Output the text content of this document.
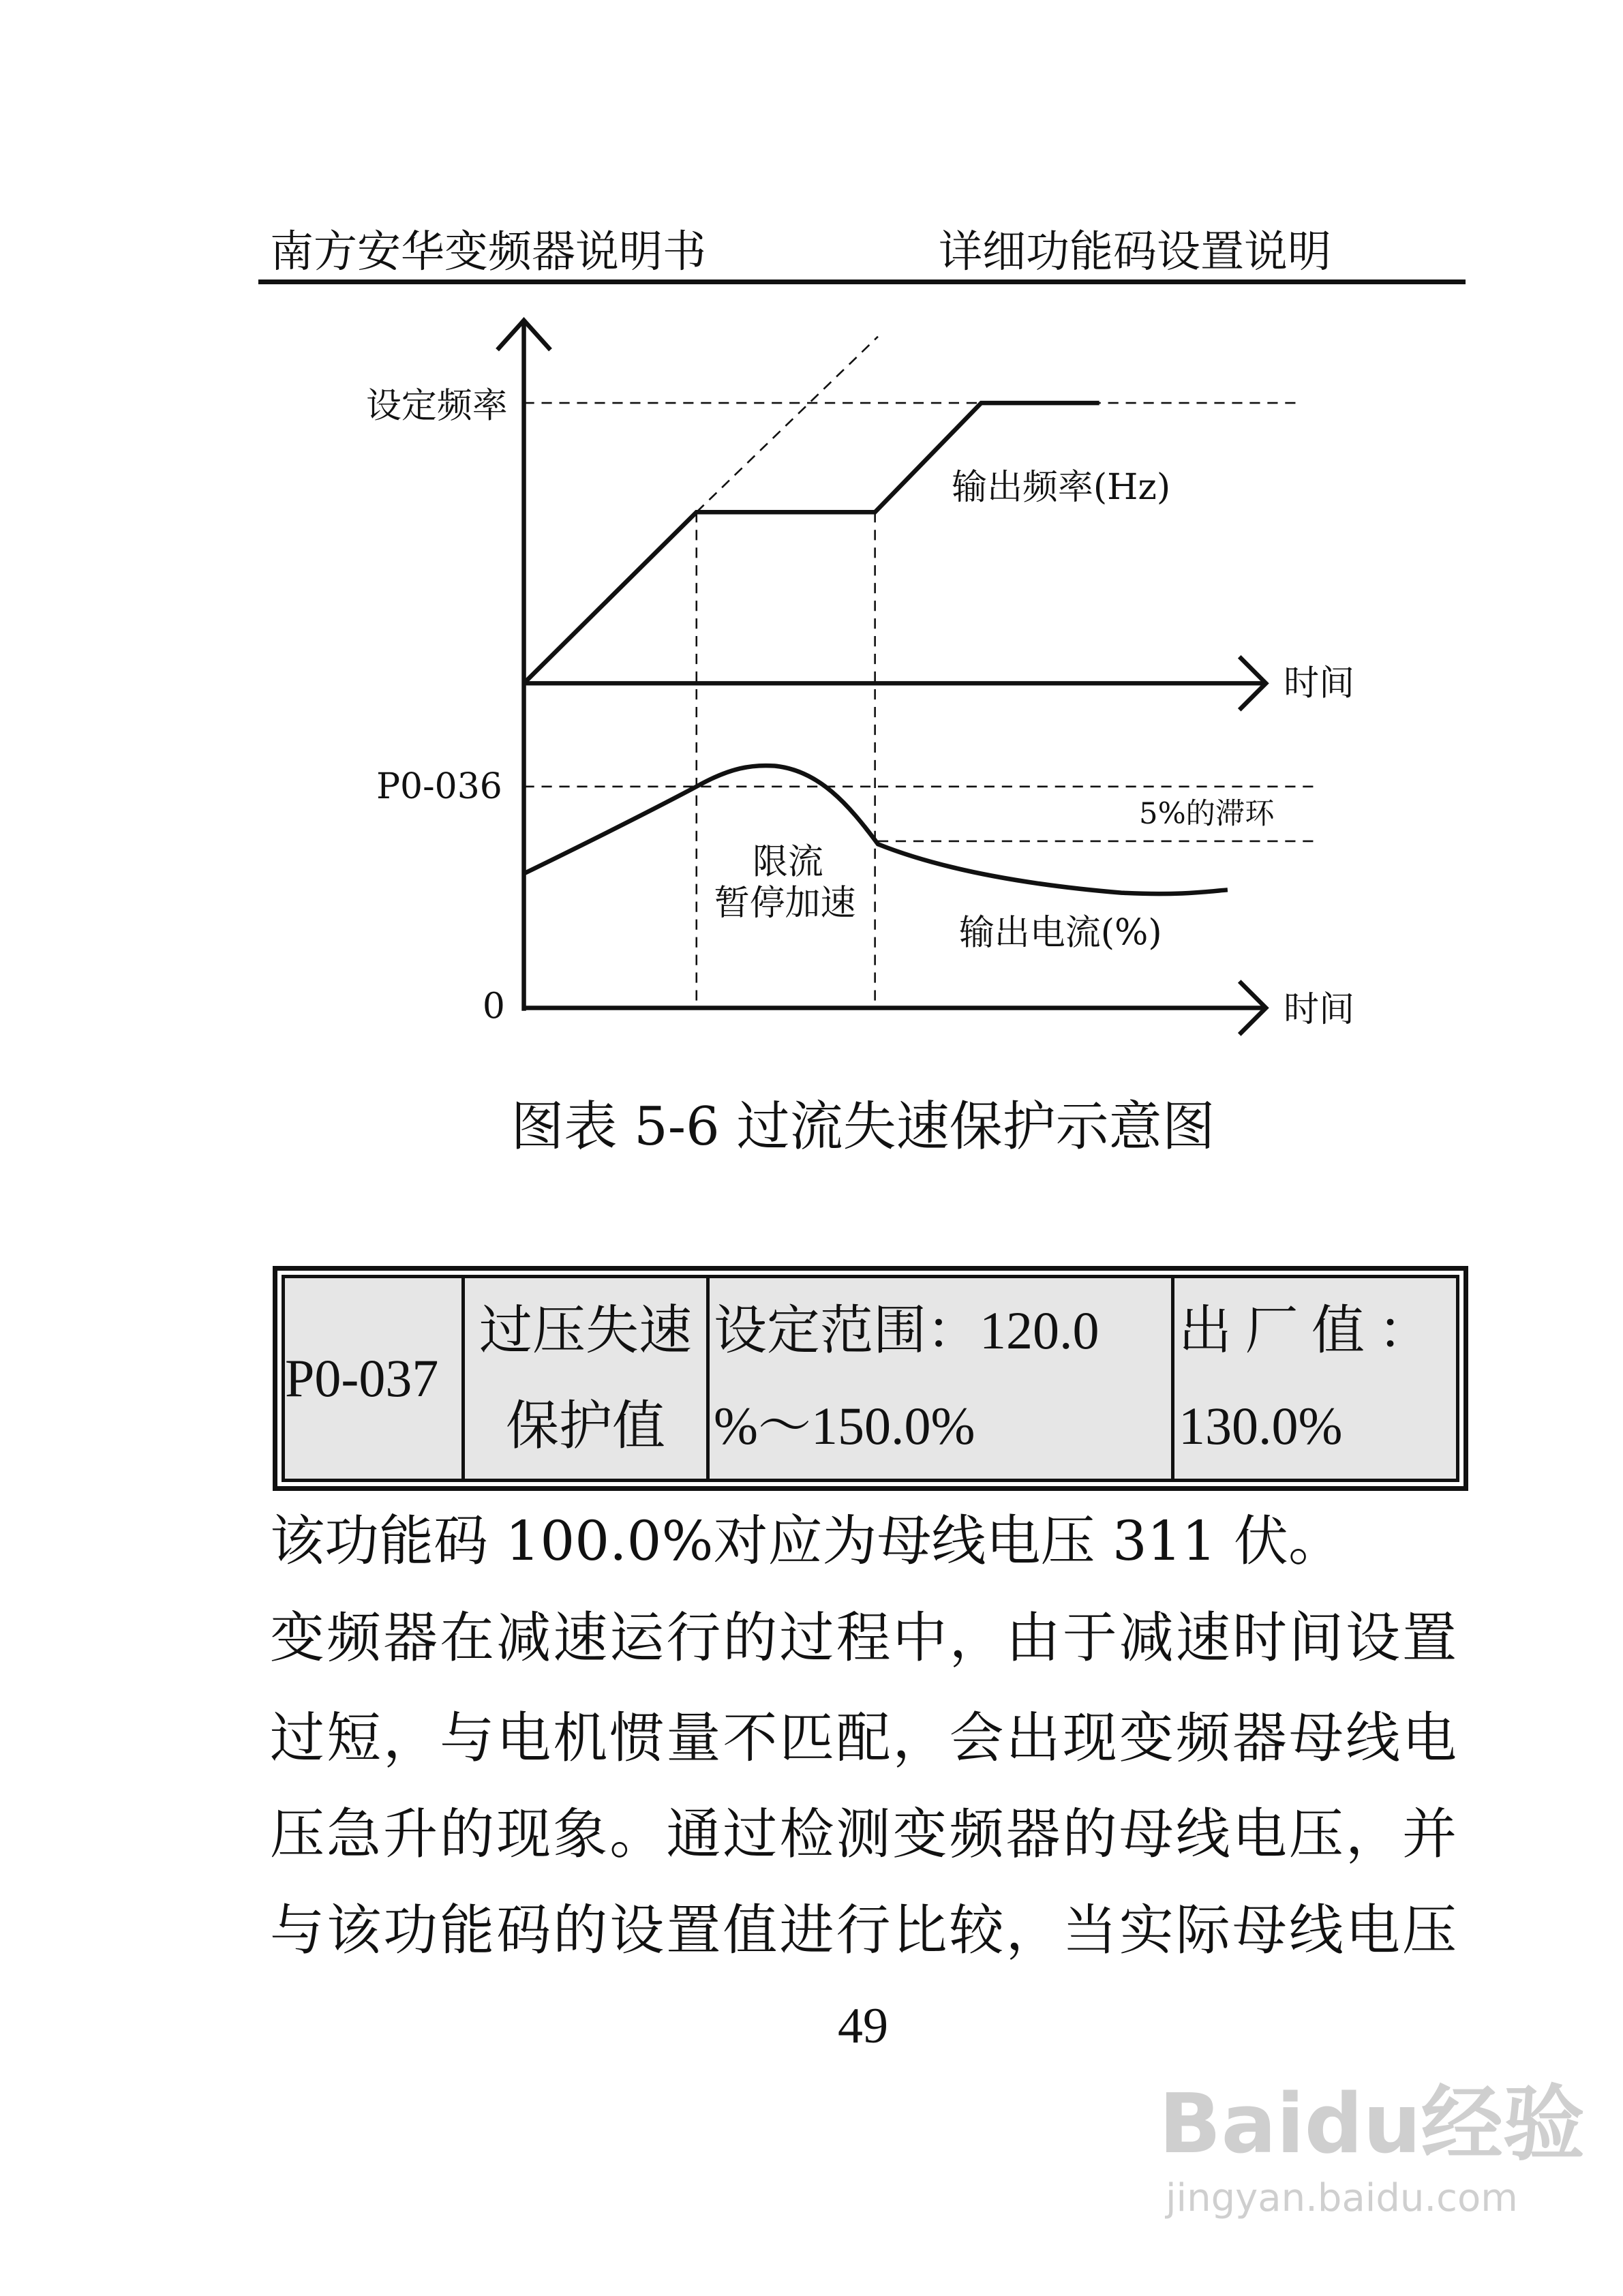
南方安华变频器说明书	详细功能码设置说明
设定频率
输出频率(Hz)
时间
P0-036
0
5%的滞环
限流
暂停加速
输出电流(%)
时间
图表 5-6 过流失速保护示意图
P0-037
过压失速
保护值
设定范围：120.0
%～150.0%
出 厂 值 ：
130.0%
该功能码 100.0%对应为母线电压 311 伏。
变频器在减速运行的过程中，由于减速时间设置
过短，与电机惯量不匹配，会出现变频器母线电
压急升的现象。通过检测变频器的母线电压，并
与该功能码的设置值进行比较，当实际母线电压
49
Baidu经验
jingyan.baidu.com
